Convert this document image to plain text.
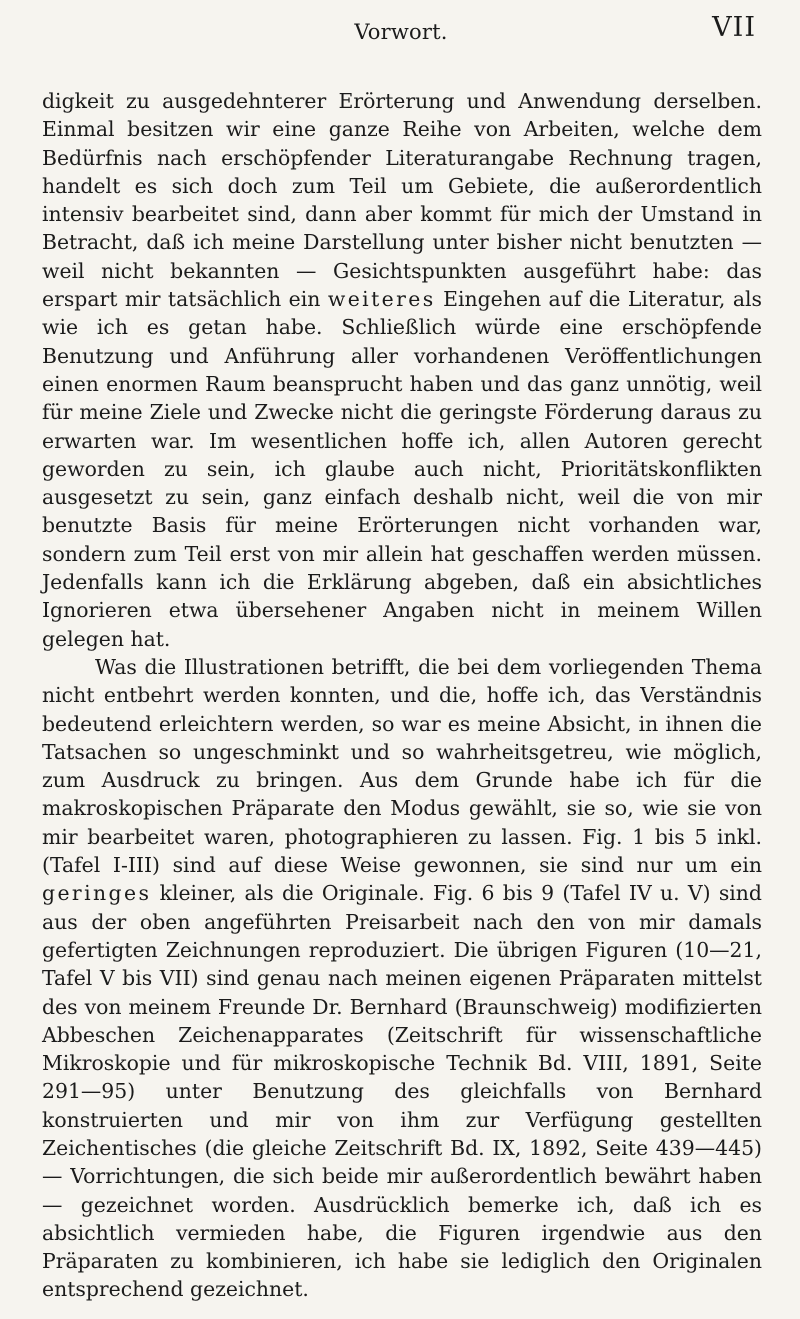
Vorwort.	VII

digkeit zu ausgedehnterer Erörterung und Anwendung derselben. Einmal besitzen wir eine ganze Reihe von Arbeiten, welche dem Bedürfnis nach erschöpfender Literaturangabe Rechnung tragen, handelt es sich doch zum Teil um Gebiete, die außerordentlich intensiv bearbeitet sind, dann aber kommt für mich der Umstand in Betracht, daß ich meine Darstellung unter bisher nicht benutzten — weil nicht bekannten — Gesichtspunkten ausgeführt habe: das erspart mir tatsächlich ein weiteres Eingehen auf die Literatur, als wie ich es getan habe. Schließlich würde eine erschöpfende Benutzung und Anführung aller vorhandenen Veröffentlichungen einen enormen Raum beansprucht haben und das ganz unnötig, weil für meine Ziele und Zwecke nicht die geringste Förderung daraus zu erwarten war. Im wesentlichen hoffe ich, allen Autoren gerecht geworden zu sein, ich glaube auch nicht, Prioritätskonflikten ausgesetzt zu sein, ganz einfach deshalb nicht, weil die von mir benutzte Basis für meine Erörterungen nicht vorhanden war, sondern zum Teil erst von mir allein hat geschaffen werden müssen. Jedenfalls kann ich die Erklärung abgeben, daß ein absichtliches Ignorieren etwa übersehener Angaben nicht in meinem Willen gelegen hat.

Was die Illustrationen betrifft, die bei dem vorliegenden Thema nicht entbehrt werden konnten, und die, hoffe ich, das Verständnis bedeutend erleichtern werden, so war es meine Absicht, in ihnen die Tatsachen so ungeschminkt und so wahrheitsgetreu, wie möglich, zum Ausdruck zu bringen. Aus dem Grunde habe ich für die makroskopischen Präparate den Modus gewählt, sie so, wie sie von mir bearbeitet waren, photographieren zu lassen. Fig. 1 bis 5 inkl. (Tafel I-III) sind auf diese Weise gewonnen, sie sind nur um ein geringes kleiner, als die Originale. Fig. 6 bis 9 (Tafel IV u. V) sind aus der oben angeführten Preisarbeit nach den von mir damals gefertigten Zeichnungen reproduziert. Die übrigen Figuren (10—21, Tafel V bis VII) sind genau nach meinen eigenen Präparaten mittelst des von meinem Freunde Dr. Bernhard (Braunschweig) modifizierten Abbeschen Zeichenapparates (Zeitschrift für wissenschaftliche Mikroskopie und für mikroskopische Technik Bd. VIII, 1891, Seite 291—95) unter Benutzung des gleichfalls von Bernhard konstruierten und mir von ihm zur Verfügung gestellten Zeichentisches (die gleiche Zeitschrift Bd. IX, 1892, Seite 439—445) — Vorrichtungen, die sich beide mir außerordentlich bewährt haben — gezeichnet worden. Ausdrücklich bemerke ich, daß ich es absichtlich vermieden habe, die Figuren irgendwie aus den Präparaten zu kombinieren, ich habe sie lediglich den Originalen entsprechend gezeichnet.
